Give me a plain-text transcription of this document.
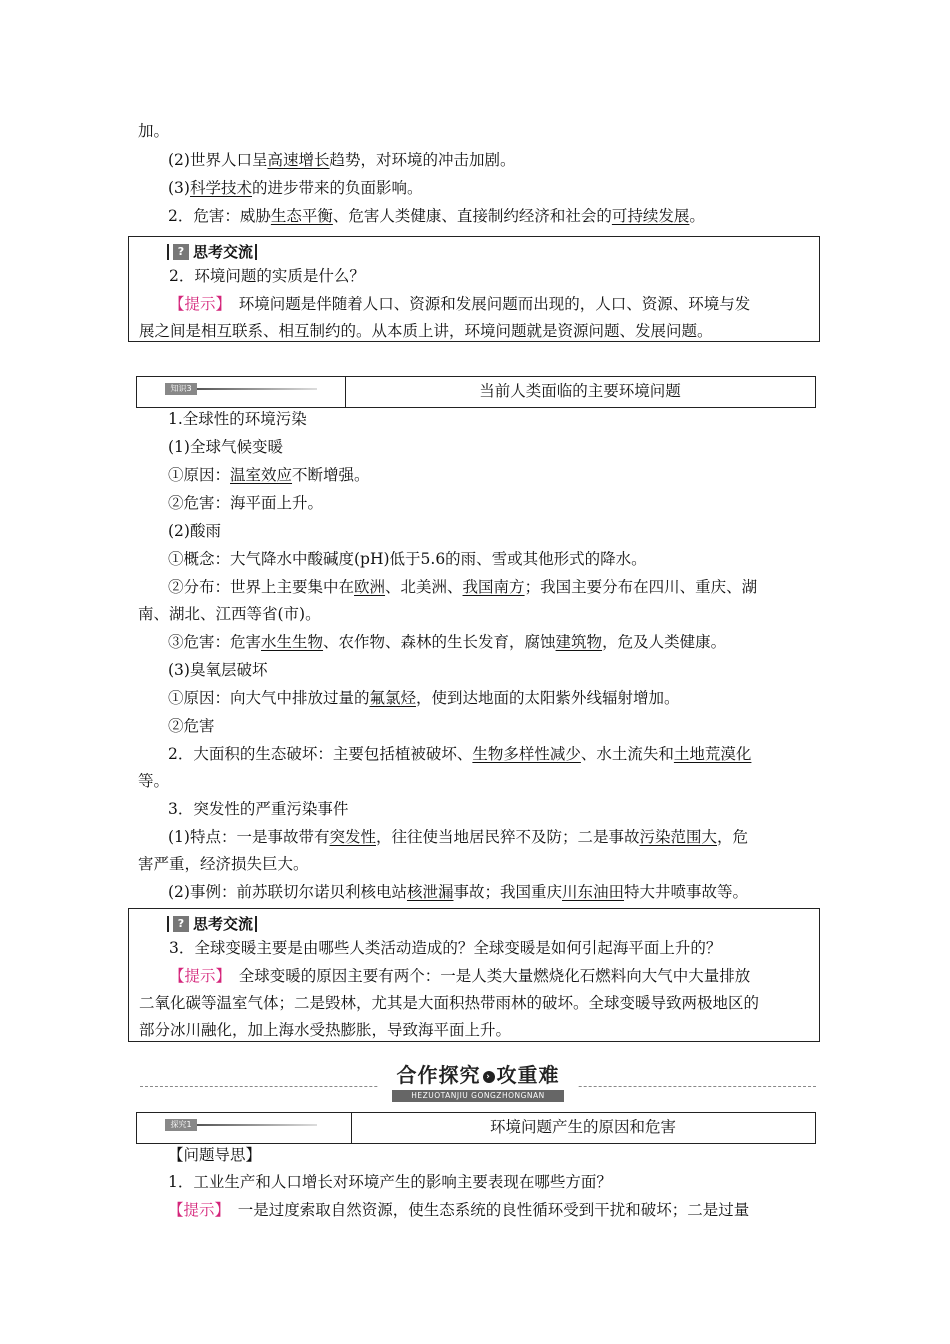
加。
(2)世界人口呈高速增长趋势，对环境的冲击加剧。
(3)科学技术的进步带来的负面影响。
2．危害：威胁生态平衡、危害人类健康、直接制约经济和社会的可持续发展。
? 思考交流
2．环境问题的实质是什么？
【提示】　环境问题是伴随着人口、资源和发展问题而出现的，人口、资源、环境与发
展之间是相互联系、相互制约的。从本质上讲，环境问题就是资源问题、发展问题。
知识3	当前人类面临的主要环境问题
1.全球性的环境污染
(1)全球气候变暖
①原因：温室效应不断增强。
②危害：海平面上升。
(2)酸雨
①概念：大气降水中酸碱度(pH)低于5.6的雨、雪或其他形式的降水。
②分布：世界上主要集中在欧洲、北美洲、我国南方；我国主要分布在四川、重庆、湖
南、湖北、江西等省(市)。
③危害：危害水生生物、农作物、森林的生长发育，腐蚀建筑物，危及人类健康。
(3)臭氧层破坏
①原因：向大气中排放过量的氟氯烃，使到达地面的太阳紫外线辐射增加。
②危害
2．大面积的生态破坏：主要包括植被破坏、生物多样性减少、水土流失和土地荒漠化
等。
3．突发性的严重污染事件
(1)特点：一是事故带有突发性，往往使当地居民猝不及防；二是事故污染范围大，危
害严重，经济损失巨大。
(2)事例：前苏联切尔诺贝利核电站核泄漏事故；我国重庆川东油田特大井喷事故等。
? 思考交流
3．全球变暖主要是由哪些人类活动造成的？全球变暖是如何引起海平面上升的？
【提示】　全球变暖的原因主要有两个：一是人类大量燃烧化石燃料向大气中大量排放
二氧化碳等温室气体；二是毁林，尤其是大面积热带雨林的破坏。全球变暖导致两极地区的
部分冰川融化，加上海水受热膨胀，导致海平面上升。
合作探究 › 攻重难
HEZUOTANJIU GONGZHONGNAN
探究1	环境问题产生的原因和危害
【问题导思】
1．工业生产和人口增长对环境产生的影响主要表现在哪些方面？
【提示】　一是过度索取自然资源，使生态系统的良性循环受到干扰和破坏；二是过量
